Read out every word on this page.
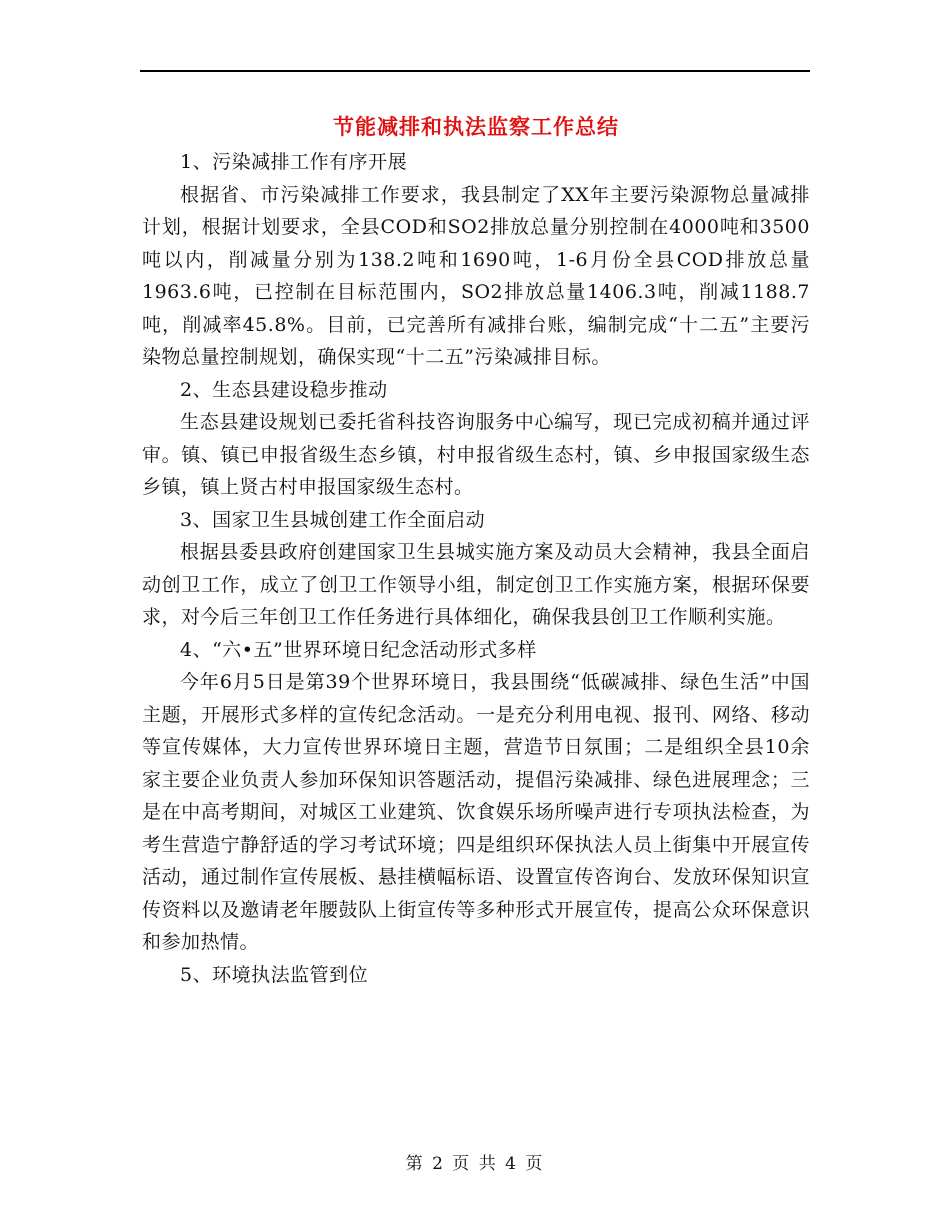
节能减排和执法监察工作总结

1、污染减排工作有序开展

根据省、市污染减排工作要求，我县制定了XX年主要污染源物总量减排计划，根据计划要求，全县COD和SO2排放总量分别控制在4000吨和3500吨以内，削减量分别为138.2吨和1690吨，1-6月份全县COD排放总量1963.6吨，已控制在目标范围内，SO2排放总量1406.3吨，削减1188.7吨，削减率45.8%。目前，已完善所有减排台账，编制完成“十二五”主要污染物总量控制规划，确保实现“十二五”污染减排目标。

2、生态县建设稳步推动

生态县建设规划已委托省科技咨询服务中心编写，现已完成初稿并通过评审。镇、镇已申报省级生态乡镇，村申报省级生态村，镇、乡申报国家级生态乡镇，镇上贤古村申报国家级生态村。

3、国家卫生县城创建工作全面启动

根据县委县政府创建国家卫生县城实施方案及动员大会精神，我县全面启动创卫工作，成立了创卫工作领导小组，制定创卫工作实施方案，根据环保要求，对今后三年创卫工作任务进行具体细化，确保我县创卫工作顺利实施。

4、“六•五”世界环境日纪念活动形式多样

今年6月5日是第39个世界环境日，我县围绕“低碳减排、绿色生活”中国主题，开展形式多样的宣传纪念活动。一是充分利用电视、报刊、网络、移动等宣传媒体，大力宣传世界环境日主题，营造节日氛围；二是组织全县10余家主要企业负责人参加环保知识答题活动，提倡污染减排、绿色进展理念；三是在中高考期间，对城区工业建筑、饮食娱乐场所噪声进行专项执法检查，为考生营造宁静舒适的学习考试环境；四是组织环保执法人员上街集中开展宣传活动，通过制作宣传展板、悬挂横幅标语、设置宣传咨询台、发放环保知识宣传资料以及邀请老年腰鼓队上街宣传等多种形式开展宣传，提高公众环保意识和参加热情。

5、环境执法监管到位

第 2 页 共 4 页
